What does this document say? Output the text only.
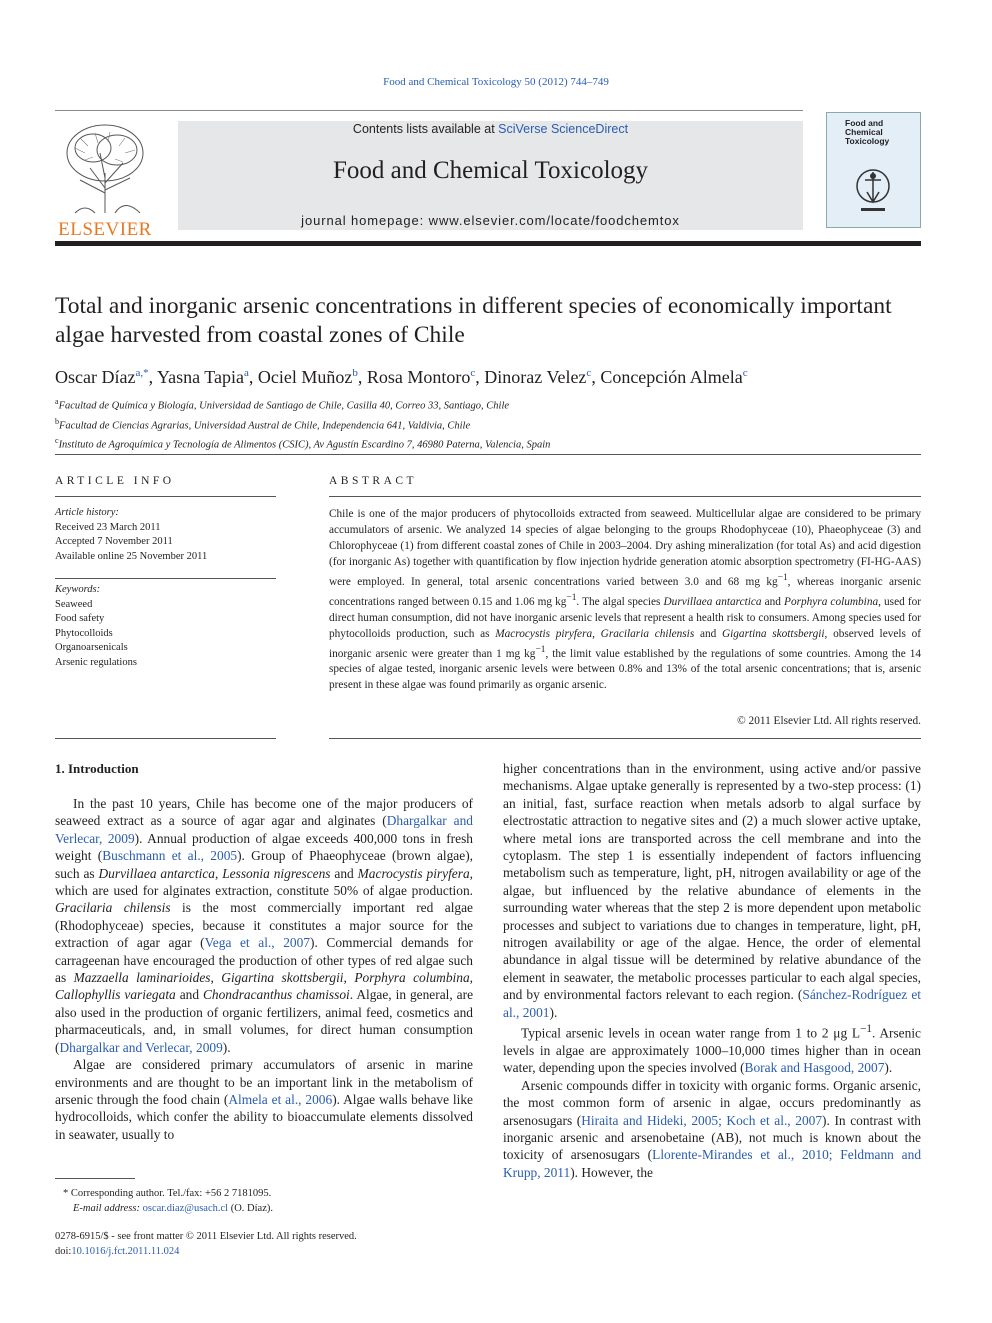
Food and Chemical Toxicology 50 (2012) 744–749
ELSEVIER
Contents lists available at SciVerse ScienceDirect
Food and Chemical Toxicology
journal homepage: www.elsevier.com/locate/foodchemtox
Food and Chemical Toxicology
Total and inorganic arsenic concentrations in different species of economically important algae harvested from coastal zones of Chile
Oscar Díaz$^{a,*}$, Yasna Tapia$^a$, Ociel Muñoz$^b$, Rosa Montoro$^c$, Dinoraz Velez$^c$, Concepción Almela$^c$
$^a$Facultad de Química y Biología, Universidad de Santiago de Chile, Casilla 40, Correo 33, Santiago, Chile
$^b$Facultad de Ciencias Agrarias, Universidad Austral de Chile, Independencia 641, Valdivia, Chile
$^c$Instituto de Agroquímica y Tecnología de Alimentos (CSIC), Av Agustín Escardino 7, 46980 Paterna, Valencia, Spain
ARTICLE INFO
Article history:
Received 23 March 2011
Accepted 7 November 2011
Available online 25 November 2011
Keywords:
Seaweed
Food safety
Phytocolloids
Organoarsenicals
Arsenic regulations
ABSTRACT
Chile is one of the major producers of phytocolloids extracted from seaweed. Multicellular algae are considered to be primary accumulators of arsenic. We analyzed 14 species of algae belonging to the groups Rhodophyceae (10), Phaeophyceae (3) and Chlorophyceae (1) from different coastal zones of Chile in 2003–2004. Dry ashing mineralization (for total As) and acid digestion (for inorganic As) together with quantification by flow injection hydride generation atomic absorption spectrometry (FI-HG-AAS) were employed. In general, total arsenic concentrations varied between 3.0 and 68 mg $kg^{-1}$, whereas inorganic arsenic concentrations ranged between 0.15 and 1.06 mg $kg^{-1}$. The algal species Durvillaea antarctica and Porphyra columbina, used for direct human consumption, did not have inorganic arsenic levels that represent a health risk to consumers. Among species used for phytocolloids production, such as Macrocystis piryfera, Gracilaria chilensis and Gigartina skottsbergii, observed levels of inorganic arsenic were greater than 1 mg $kg^{-1}$, the limit value established by the regulations of some countries. Among the 14 species of algae tested, inorganic arsenic levels were between 0.8% and 13% of the total arsenic concentrations; that is, arsenic present in these algae was found primarily as organic arsenic.
© 2011 Elsevier Ltd. All rights reserved.
1. Introduction

In the past 10 years, Chile has become one of the major producers of seaweed extract as a source of agar agar and alginates (Dhargalkar and Verlecar, 2009). Annual production of algae exceeds 400,000 tons in fresh weight (Buschmann et al., 2005). Group of Phaeophyceae (brown algae), such as Durvillaea antarctica, Lessonia nigrescens and Macrocystis piryfera, which are used for alginates extraction, constitute 50% of algae production. Gracilaria chilensis is the most commercially important red algae (Rhodophyceae) species, because it constitutes a major source for the extraction of agar agar (Vega et al., 2007). Commercial demands for carrageenan have encouraged the production of other types of red algae such as Mazzaella laminarioides, Gigartina skottsbergii, Porphyra columbina, Callophyllis variegata and Chondracanthus chamissoi. Algae, in general, are also used in the production of organic fertilizers, animal feed, cosmetics and pharmaceuticals, and, in small volumes, for direct human consumption (Dhargalkar and Verlecar, 2009).

Algae are considered primary accumulators of arsenic in marine environments and are thought to be an important link in the metabolism of arsenic through the food chain (Almela et al., 2006). Algae walls behave like hydrocolloids, which confer the ability to bioaccumulate elements dissolved in seawater, usually to

higher concentrations than in the environment, using active and/or passive mechanisms. Algae uptake generally is represented by a two-step process: (1) an initial, fast, surface reaction when metals adsorb to algal surface by electrostatic attraction to negative sites and (2) a much slower active uptake, where metal ions are transported across the cell membrane and into the cytoplasm. The step 1 is essentially independent of factors influencing metabolism such as temperature, light, pH, nitrogen availability or age of the algae, but influenced by the relative abundance of elements in the surrounding water whereas that the step 2 is more dependent upon metabolic processes and subject to variations due to changes in temperature, light, pH, nitrogen availability or age of the algae. Hence, the order of elemental abundance in algal tissue will be determined by relative abundance of the element in seawater, the metabolic processes particular to each algal species, and by environmental factors relevant to each region. (Sánchez-Rodríguez et al., 2001).

Typical arsenic levels in ocean water range from 1 to 2 μg $L^{-1}$. Arsenic levels in algae are approximately 1000–10,000 times higher than in ocean water, depending upon the species involved (Borak and Hasgood, 2007).

Arsenic compounds differ in toxicity with organic forms. Organic arsenic, the most common form of arsenic in algae, occurs predominantly as arsenosugars (Hiraita and Hideki, 2005; Koch et al., 2007). In contrast with inorganic arsenic and arsenobetaine (AB), not much is known about the toxicity of arsenosugars (Llorente-Mirandes et al., 2010; Feldmann and Krupp, 2011). However, the

* Corresponding author. Tel./fax: +56 2 7181095.
E-mail address: oscar.diaz@usach.cl (O. Díaz).
0278-6915/$ - see front matter © 2011 Elsevier Ltd. All rights reserved.
doi:10.1016/j.fct.2011.11.024
